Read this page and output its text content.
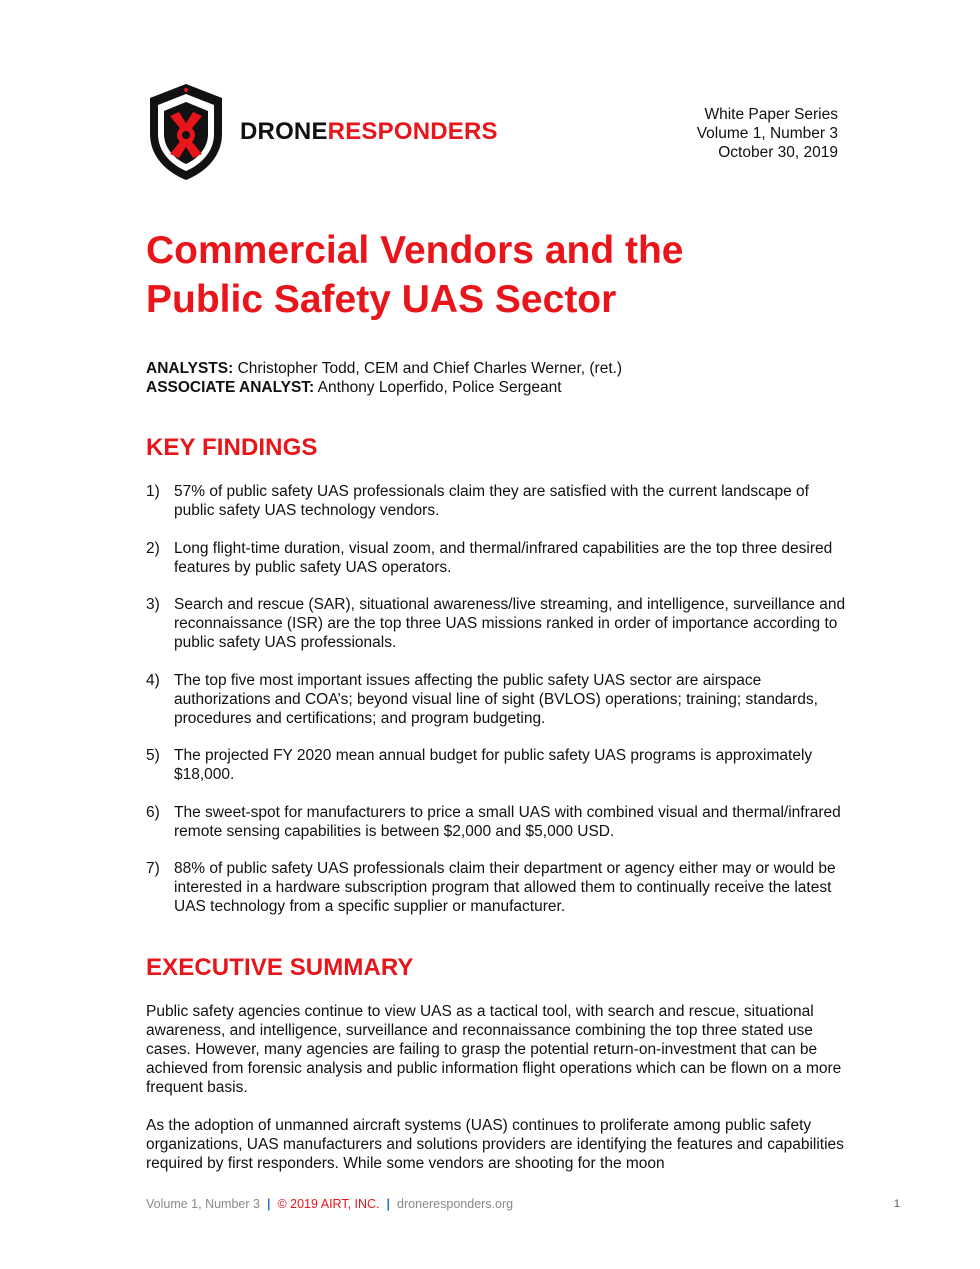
DRONERESPONDERS
White Paper Series
Volume 1, Number 3
October 30, 2019
Commercial Vendors and the
Public Safety UAS Sector
ANALYSTS: Christopher Todd, CEM and Chief Charles Werner, (ret.)
ASSOCIATE ANALYST: Anthony Loperfido, Police Sergeant
KEY FINDINGS
1) 57% of public safety UAS professionals claim they are satisfied with the current landscape of public safety UAS technology vendors.
2) Long flight-time duration, visual zoom, and thermal/infrared capabilities are the top three desired features by public safety UAS operators.
3) Search and rescue (SAR), situational awareness/live streaming, and intelligence, surveillance and reconnaissance (ISR) are the top three UAS missions ranked in order of importance according to public safety UAS professionals.
4) The top five most important issues affecting the public safety UAS sector are airspace authorizations and COA’s; beyond visual line of sight (BVLOS) operations; training; standards, procedures and certifications; and program budgeting.
5) The projected FY 2020 mean annual budget for public safety UAS programs is approximately $18,000.
6) The sweet-spot for manufacturers to price a small UAS with combined visual and thermal/infrared remote sensing capabilities is between $2,000 and $5,000 USD.
7) 88% of public safety UAS professionals claim their department or agency either may or would be interested in a hardware subscription program that allowed them to continually receive the latest UAS technology from a specific supplier or manufacturer.
EXECUTIVE SUMMARY

Public safety agencies continue to view UAS as a tactical tool, with search and rescue, situational awareness, and intelligence, surveillance and reconnaissance combining the top three stated use cases. However, many agencies are failing to grasp the potential return-on-investment that can be achieved from forensic analysis and public information flight operations which can be flown on a more frequent basis.

As the adoption of unmanned aircraft systems (UAS) continues to proliferate among public safety organizations, UAS manufacturers and solutions providers are identifying the features and capabilities required by first responders. While some vendors are shooting for the moon

Volume 1, Number 3 | © 2019 AIRT, INC. | droneresponders.org	1
